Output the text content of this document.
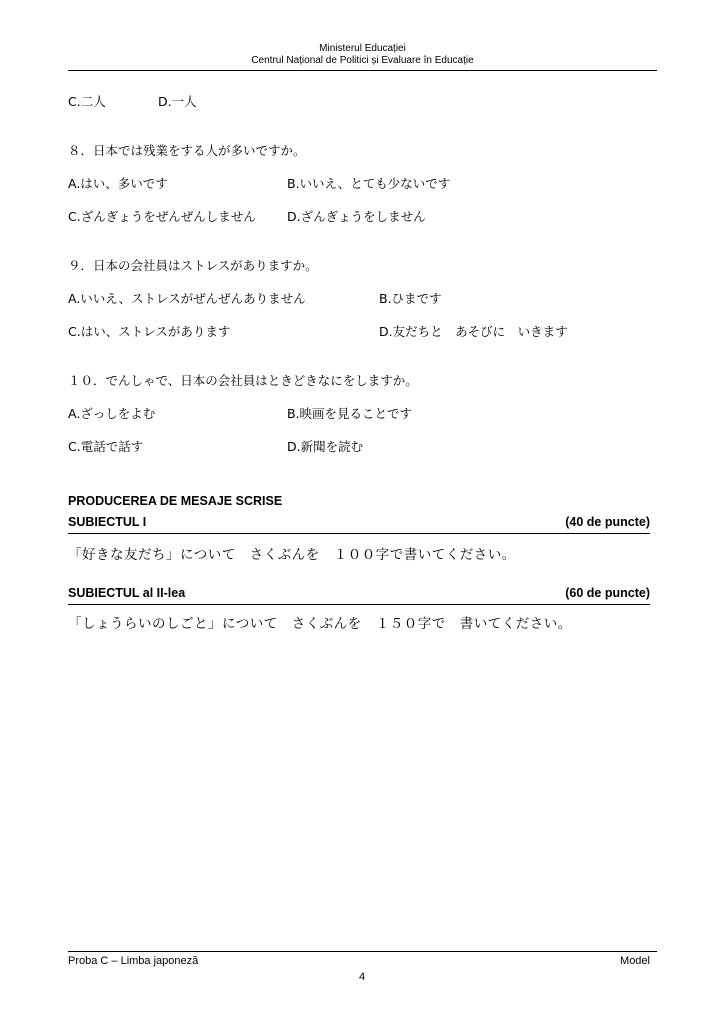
Ministerul Educației
Centrul Național de Politici și Evaluare în Educație
C.二人	D.一人
８．日本では残業をする人が多いですか。
A.はい、多いです	B.いいえ、とても少ないです
C.ざんぎょうをぜんぜんしません	D.ざんぎょうをしません
９．日本の会社員はストレスがありますか。
A.いいえ、ストレスがぜんぜんありません	B.ひまです
C.はい、ストレスがあります	D.友だちと　あそびに　いきます
１０．でんしゃで、日本の会社員はときどきなにをしますか。
A.ざっしをよむ	B.映画を見ることです
C.電話で話す	D.新聞を読む
PRODUCEREA DE MESAJE SCRISE
SUBIECTUL I	(40 de puncte)
「好きな友だち」について　さくぶんを　１００字で書いてください。
SUBIECTUL al II-lea	(60 de puncte)
「しょうらいのしごと」について　さくぶんを　１５０字で　書いてください。
Proba C – Limba japoneză	Model
4
